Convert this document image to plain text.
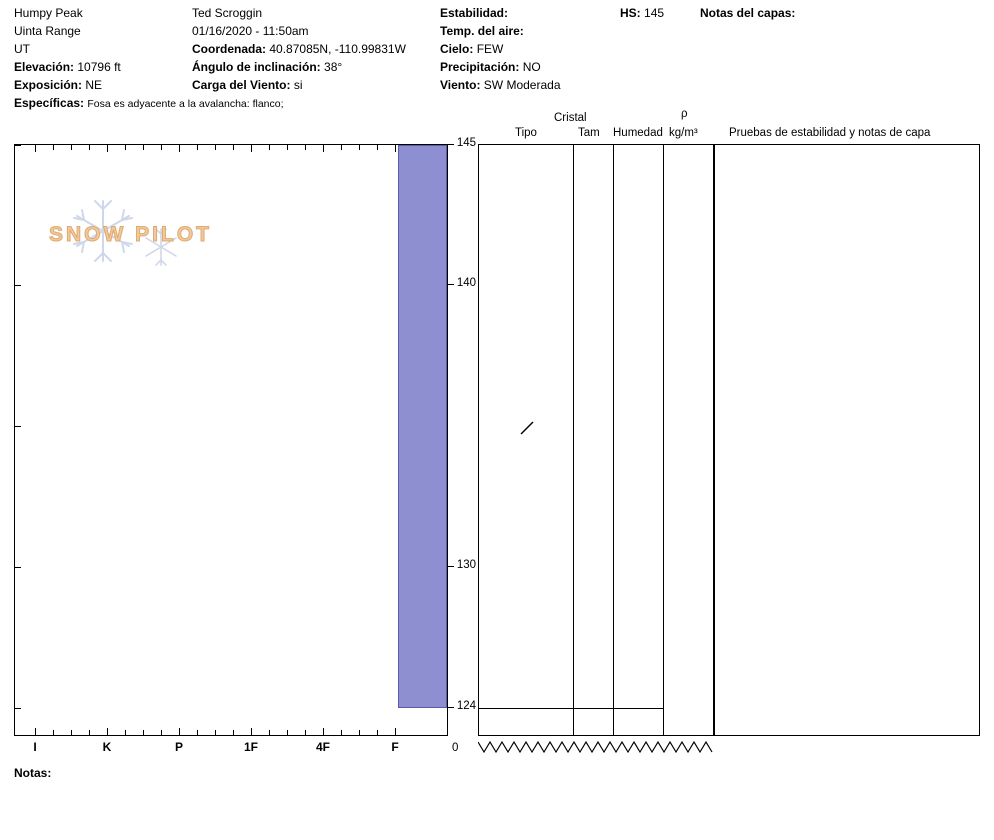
Humpy Peak
Uinta Range
UT
Elevación: 10796 ft
Exposición: NE
Ted Scroggin
01/16/2020 - 11:50am
Coordenada: 40.87085N, -110.99831W
Ángulo de inclinación: 38°
Carga del Viento: si
Estabilidad:
Temp. del aire:
Cielo: FEW
Precipitación: NO
Viento: SW Moderada
HS: 145	Notas del capas:
Específicas: Fosa es adyacente a la avalancha: flanco;
Cristal
Tipo	Tam Humedad
ρ
kg/m³	Pruebas de estabilidad y notas de capa
SNOW PILOT
145
140
130
124
0
I	K	P	1F	4F	F
Notas:
